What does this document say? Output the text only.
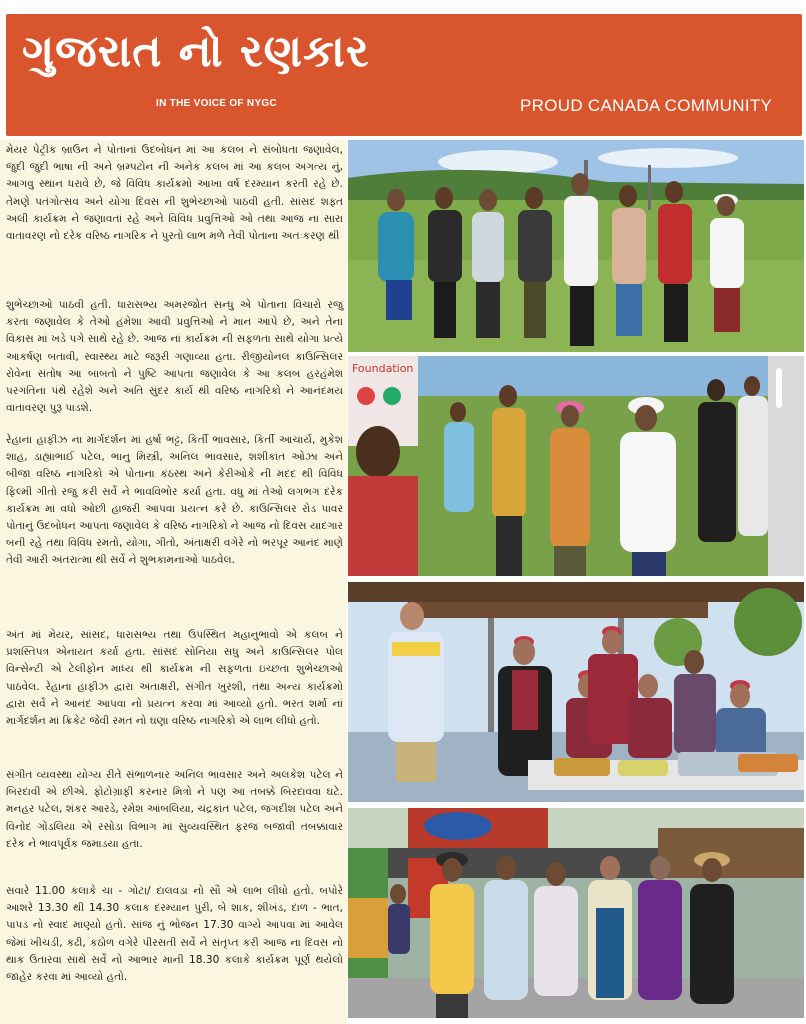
ગુજરાત નો રણકાર
IN THE VOICE OF NYGC	PROUD CANADA COMMUNITY

મેયર પેટ્રીક બ્રાઉન ને પોતાનાં ઉદબોધન માં આ કલબ ને સંબોધતા જણાવેલ, જુદી જુદી ભાષા ની અને બ્રમ્પટોન ની અનેક કલબ માં આ કલબ અગત્ય નું, આગવુ સ્થાન ધરાવે છે, જે વિવિધ કાર્યક્રમો આખા વર્ષ દરમ્યાન કરતી રહે છે. તેમણે પતંગોત્સવ અને યોગા દિવસ ની શુભેચ્છાઓ પાઠવી હતી. સાંસદ શફ્ત અલી કાર્યક્રમ ને જણાવતાં રહે અને વિવિધ પ્રવુત્તિઓ ઓ તથા આજ ના સારા વાતાવરણ નો દરેક વરિષ્ઠ નાગરિક ને પુરતો લાભ મળે તેવી પોતાના અતઃકરણ થી

શુભેચ્છાઓ પાઠવી હતી. ધારાસભ્ય અમરજોત સન્ધુ એ પોતાના વિચારો રજુ કરતા જણાવેલ કે તેઓ હંમેશા આવી પ્રવુત્તિઓ ને માન આપે છે, અને તેના વિકાસ માં ખડે પગે સાથે રહે છે. આજ નાં કાર્યક્રમ ની સફળતા સાથે યોગા પ્રત્યે આકર્ષણ બતાવી, સ્વાસ્થ્ય માટે જરૂરી ગણાવ્યા હતા. રીજીયોનલ કાઉન્સિલર રોવેના સંતોષ આ બાબતો ને પુષ્ટિ આપતા જણાવેલ કે આ કલબ હરહંમેશ પરગતિના પંથે રહેશે અને અતિ સુંદર કાર્ય થી વરિષ્ઠ નાગરિકો ને આનંદમય વાતાવરણ પુરૂ પાડશે.

રેહાના હાફીઝ ના માર્ગદર્શન માં હર્ષા ભટ્ટ, કિર્તી ભાવસાર, કિર્તી આચાર્ય, મુકેશ શાહ, ડાહ્યાભાઈ પટેલ, ભાનુ મિસ્ત્રી, અનિલ ભાવસાર, શશીકાંત ઓઝા અને બીજા વરિષ્ઠ નાગરિકો એ પોતાના કંઠસ્થ અને કેરીઓકે ની મદદ થી વિવિધ ફિલ્મી ગીતો રજુ કરી સર્વે ને ભાવવિભોર કર્યા હતા. વધુ માં તેઓ લગભગ દરેક કાર્યક્રમ માં વધો ઓછી હાજરી આપવા પ્રયત્ન કરે છે. કાઉન્સિલર રોડ પાવર પોતાનું ઉદબોધન આપતા જણાવેલ કે વરિષ્ઠ નાગરિકો ને આજ નો દિવસ યાદગાર બની રહે તથા વિવિધ રમતો, યોગા, ગીતો, અંતાક્ષરી વગેરે નો ભરપૂર આનંદ માણે તેવી આરી અંતરાત્મા થી સર્વે ને શુભકામનાઓ પાઠવેલ.

અંત માં મેયર, સાંસદ, ધારાસભ્ય તથા ઉપસ્થિત મહાનુભાવો એ કલબ ને પ્રશસ્તિપત્ર એનાયત કર્યા હતા. સાંસદ સોનિયા સધુ અને કાઉન્સિલર પોલ વિન્સેન્ટી એ ટેલીફોન માધ્ય થી કાર્યક્રમ ની સફળતા ઇચ્છતા શુભેચ્છાઓ પાઠવેલ. રેહાના હાફીઝ દ્વારા અંતાક્ષરી, સંગીત ખુરશી, તથા અન્ય કાર્યક્રમો દ્વારા સર્વે ને આનંદ આપવા નો પ્રયત્ન કરવા માં આવ્યો હતો. ભરત શર્મા નાં માર્ગદર્શન માં ક્રિકેટ જેવી રમત નો ઘણા વરિષ્ઠ નાગરિકો એ લાભ લીધો હતો.

સંગીત વ્યવસ્થા યોગ્ય રીતે સંભાળનાર અનિલ ભાવસાર અને અલકેશ પટેલ ને બિરદાવી એ છીએ. ફોટોગ્રાફી કરનાર મિત્રો ને પણ આ તબક્કે બિરદાવવા ઘટે. મનહર પટેલ, શંકર આરડે, રમેશ આંબલિયા, ચંદ્રકાંત પટેલ, જગદીશ પટેલ અને વિનોદ ગોંડલિયા એ રસોડા વિભાગ માં સુવ્યવસ્થિત ફરજ બજાવી તબક્કાવાર દરેક ને ભાવપૂર્વક જમાડયા હતા.

સવારે 11.00 કલાકે ચા - ગોટા/ દાલવડા નો સૌ એ લાભ લીધો હતો. બપોરે આશરે 13.30 થી 14.30 કલાક દરમ્યાન પુરી, બે શાક, શીખંડ, દાળ - ભાત, પાપડ નો સ્વાદ માણ્યો હતો. સાંજ નું ભોજન 17.30 વાગ્યે આપવા માં આવેલ જેમાં ખીચડી, કઢી, કઠોળ વગેરે પીરસતી સર્વે ને સંતૃપ્ત કરી આજ ના દિવસ નો થાક ઉતારવા સાથે સર્વે નો આભાર માની 18.30 કલાકે કાર્યક્રમ પૂર્ણ થયેલો જાહેર કરવા માં આવ્યો હતો.

Foundation
